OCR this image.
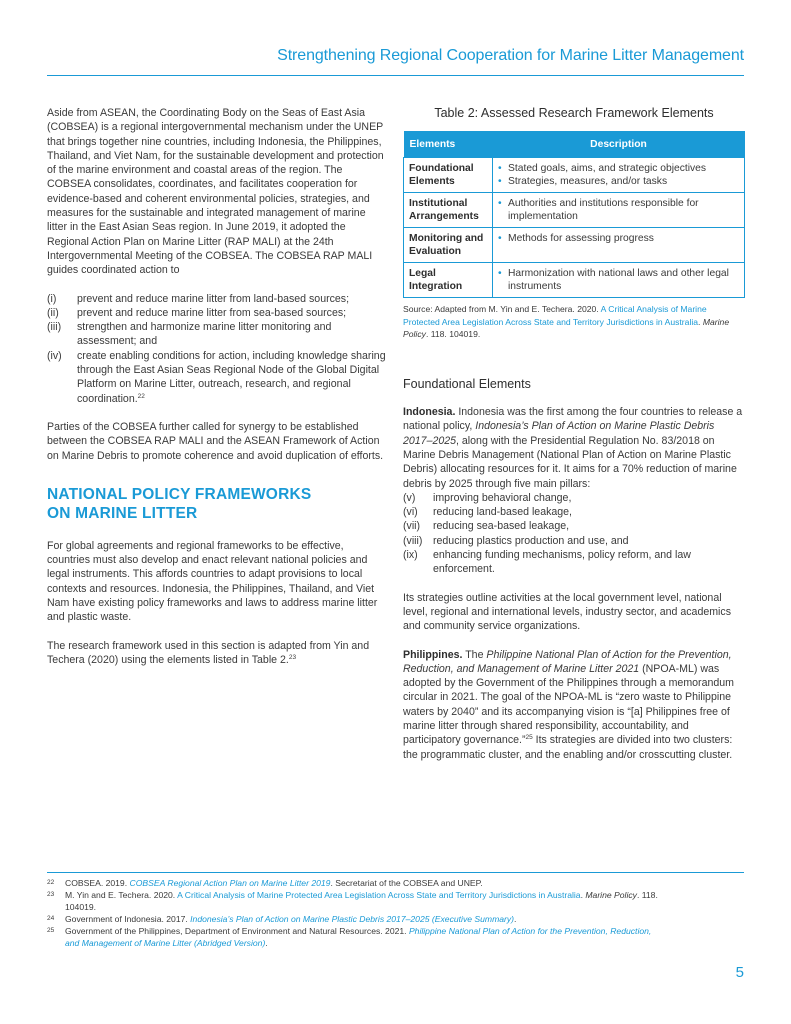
Strengthening Regional Cooperation for Marine Litter Management

Aside from ASEAN, the Coordinating Body on the Seas of East Asia (COBSEA) is a regional intergovernmental mechanism under the UNEP that brings together nine countries, including Indonesia, the Philippines, Thailand, and Viet Nam, for the sustainable development and protection of the marine environment and coastal areas of the region. The COBSEA consolidates, coordinates, and facilitates cooperation for evidence-based and coherent environmental policies, strategies, and measures for the sustainable and integrated management of marine litter in the East Asian Seas region. In June 2019, it adopted the Regional Action Plan on Marine Litter (RAP MALI) at the 24th Intergovernmental Meeting of the COBSEA. The COBSEA RAP MALI guides coordinated action to

(i)	prevent and reduce marine litter from land-based sources;
(ii)	prevent and reduce marine litter from sea-based sources;
(iii)	strengthen and harmonize marine litter monitoring and assessment; and
(iv)	create enabling conditions for action, including knowledge sharing through the East Asian Seas Regional Node of the Global Digital Platform on Marine Litter, outreach, research, and regional coordination.$^{22}$

Parties of the COBSEA further called for synergy to be established between the COBSEA RAP MALI and the ASEAN Framework of Action on Marine Debris to promote coherence and avoid duplication of efforts.

NATIONAL POLICY FRAMEWORKS
ON MARINE LITTER

For global agreements and regional frameworks to be effective, countries must also develop and enact relevant national policies and legal instruments. This affords countries to adapt provisions to local contexts and resources. Indonesia, the Philippines, Thailand, and Viet Nam have existing policy frameworks and laws to address marine litter and plastic waste.

The research framework used in this section is adapted from Yin and Techera (2020) using the elements listed in Table 2.23

Table 2: Assessed Research Framework Elements
Elements	Description
Foundational Elements	• Stated goals, aims, and strategic objectives
• Strategies, measures, and/or tasks

Institutional Arrangements	• Authorities and institutions responsible for implementation

Monitoring and Evaluation	• Methods for assessing progress

Legal Integration	• Harmonization with national laws and other legal instruments
Source: Adapted from M. Yin and E. Techera. 2020. A Critical Analysis of Marine Protected Area Legislation Across State and Territory Jurisdictions in Australia. Marine Policy. 118. 104019.
Foundational Elements

Indonesia. Indonesia was the first among the four countries to release a national policy, Indonesia’s Plan of Action on Marine Plastic Debris 2017–2025, along with the Presidential Regulation No. 83/2018 on Marine Debris Management (National Plan of Action on Marine Plastic Debris) allocating resources for it. It aims for a 70% reduction of marine debris by 2025 through five main pillars:

(v)	improving behavioral change,
(vi)	reducing land-based leakage,
(vii)	reducing sea-based leakage,
(viii) reducing plastics production and use, and
(ix)	enhancing funding mechanisms, policy reform, and law enforcement.

Its strategies outline activities at the local government level, national level, regional and international levels, industry sector, and academics and community service organizations.

Philippines. The Philippine National Plan of Action for the Prevention, Reduction, and Management of Marine Litter 2021 (NPOA-ML) was adopted by the Government of the Philippines through a memorandum circular in 2021. The goal of the NPOA-ML is “zero waste to Philippine waters by 2040” and its accompanying vision is “[a] Philippines free of marine litter through shared responsibility, accountability, and participatory governance.”$^{25}$ Its strategies are divided into two clusters: the programmatic cluster, and the enabling and/or crosscutting cluster.

22	COBSEA. 2019. COBSEA Regional Action Plan on Marine Litter 2019. Secretariat of the COBSEA and UNEP.
23	M. Yin and E. Techera. 2020. A Critical Analysis of Marine Protected Area Legislation Across State and Territory Jurisdictions in Australia. Marine Policy. 118.
104019.
24	Government of Indonesia. 2017. Indonesia’s Plan of Action on Marine Plastic Debris 2017–2025 (Executive Summary).
25	Government of the Philippines, Department of Environment and Natural Resources. 2021. Philippine National Plan of Action for the Prevention, Reduction,
and Management of Marine Litter (Abridged Version).
5
